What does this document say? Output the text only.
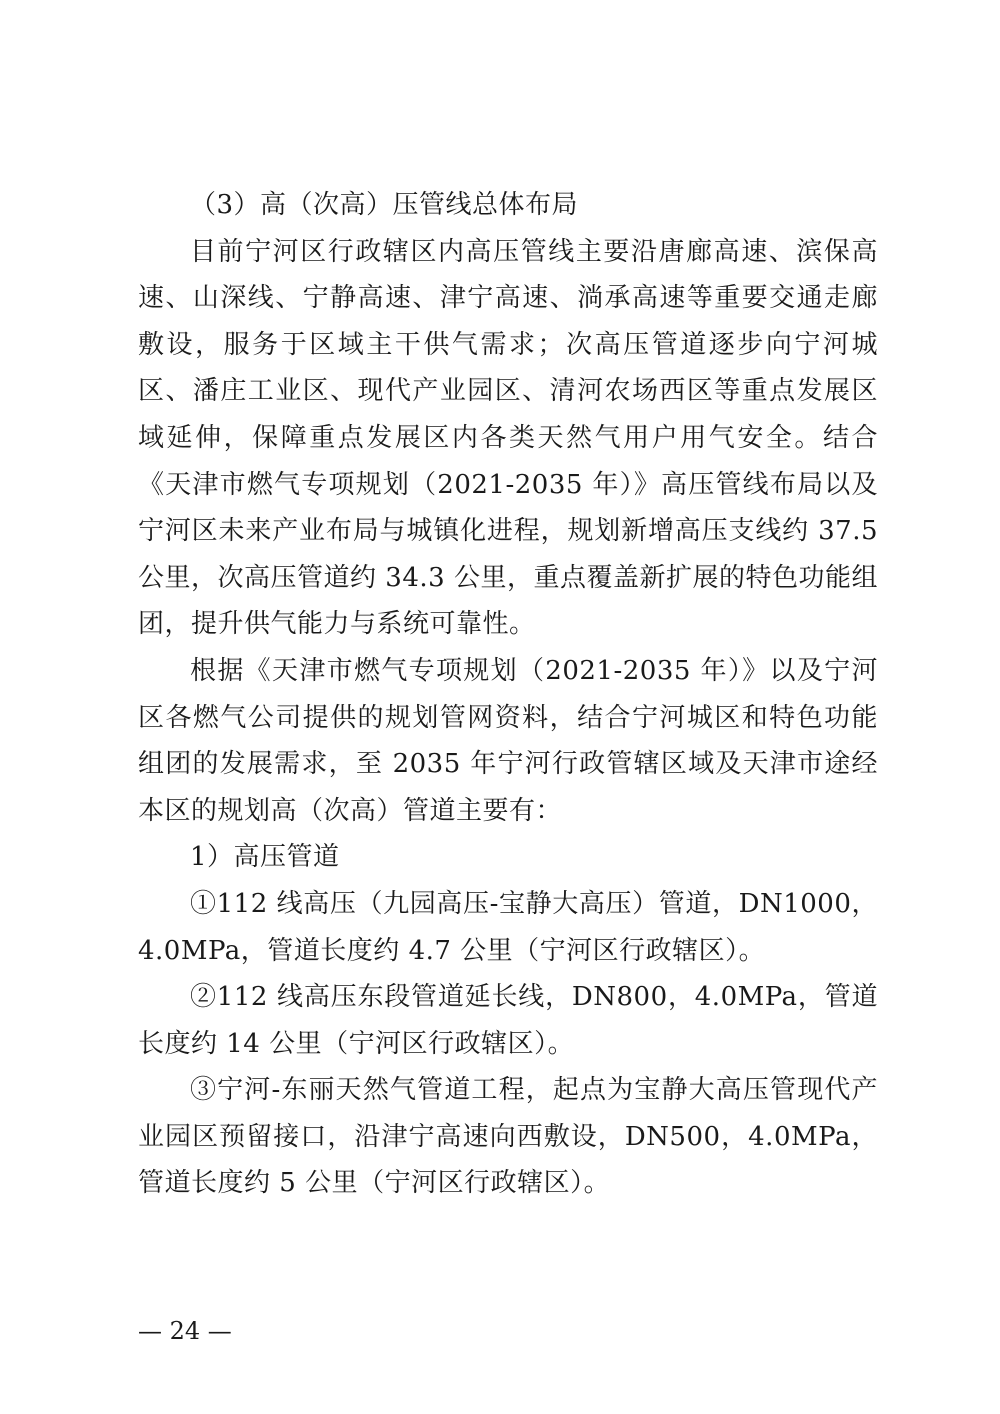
（3）高（次高）压管线总体布局

目前宁河区行政辖区内高压管线主要沿唐廊高速、滨保高速、山深线、宁静高速、津宁高速、淌承高速等重要交通走廊敷设，服务于区域主干供气需求；次高压管道逐步向宁河城区、潘庄工业区、现代产业园区、清河农场西区等重点发展区域延伸，保障重点发展区内各类天然气用户用气安全。结合《天津市燃气专项规划（2021-2035 年）》高压管线布局以及宁河区未来产业布局与城镇化进程，规划新增高压支线约 37.5 公里，次高压管道约 34.3 公里，重点覆盖新扩展的特色功能组团，提升供气能力与系统可靠性。

根据《天津市燃气专项规划（2021-2035 年）》以及宁河区各燃气公司提供的规划管网资料，结合宁河城区和特色功能组团的发展需求，至 2035 年宁河行政管辖区域及天津市途经本区的规划高（次高）管道主要有：

1）高压管道

①112 线高压（九园高压-宝静大高压）管道，DN1000，4.0MPa，管道长度约 4.7 公里（宁河区行政辖区）。

②112 线高压东段管道延长线，DN800，4.0MPa，管道长度约 14 公里（宁河区行政辖区）。

③宁河-东丽天然气管道工程，起点为宝静大高压管现代产业园区预留接口，沿津宁高速向西敷设，DN500，4.0MPa，管道长度约 5 公里（宁河区行政辖区）。

— 24 —
